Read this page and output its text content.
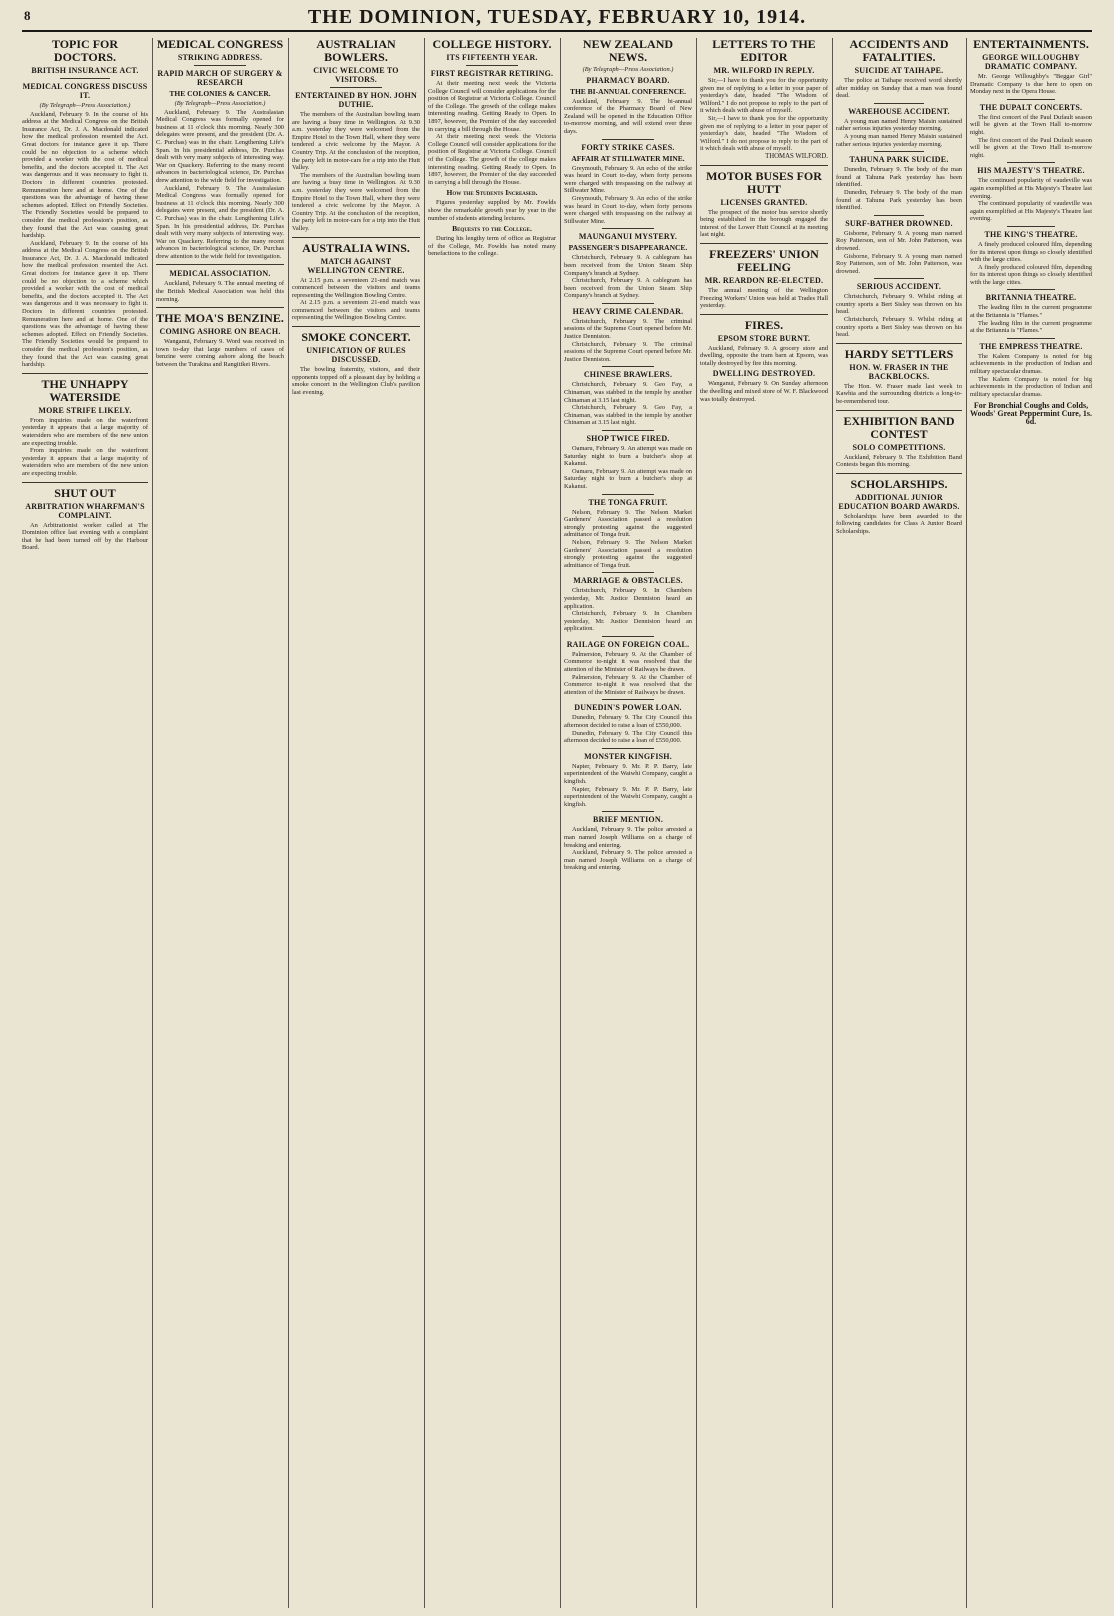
8	THE DOMINION, TUESDAY, FEBRUARY 10, 1914.
TOPIC FOR DOCTORS.
BRITISH INSURANCE ACT.
MEDICAL CONGRESS DISCUSS IT.
(By Telegraph—Press Association.)

Auckland, February 9. In the course of his address at the Medical Congress on the British Insurance Act, Dr. J. A. Macdonald indicated how the medical profession resented the Act. Great doctors for instance gave it up. There could be no objection to a scheme which provided a worker with the cost of medical benefits, and the doctors accepted it. The Act was dangerous and it was necessary to fight it. Doctors in different countries protested. Remuneration here and at home. One of the questions was the advantage of having these schemes adopted. Effect on Friendly Societies. The Friendly Societies would be prepared to consider the medical profession's position, as they found that the Act was causing great hardship.

Auckland, February 9. In the course of his address at the Medical Congress on the British Insurance Act, Dr. J. A. Macdonald indicated how the medical profession resented the Act. Great doctors for instance gave it up. There could be no objection to a scheme which provided a worker with the cost of medical benefits, and the doctors accepted it. The Act was dangerous and it was necessary to fight it. Doctors in different countries protested. Remuneration here and at home. One of the questions was the advantage of having these schemes adopted. Effect on Friendly Societies. The Friendly Societies would be prepared to consider the medical profession's position, as they found that the Act was causing great hardship.

THE UNHAPPY WATERSIDE
MORE STRIFE LIKELY.

From inquiries made on the waterfront yesterday it appears that a large majority of watersiders who are members of the new union are expecting trouble.

From inquiries made on the waterfront yesterday it appears that a large majority of watersiders who are members of the new union are expecting trouble.

SHUT OUT
ARBITRATION WHARFMAN'S COMPLAINT.

An Arbitrationist worker called at The Dominion office last evening with a complaint that he had been turned off by the Harbour Board.

MEDICAL CONGRESS
STRIKING ADDRESS.
RAPID MARCH OF SURGERY & RESEARCH
THE COLONIES & CANCER.
(By Telegraph—Press Association.)

Auckland, February 9. The Australasian Medical Congress was formally opened for business at 11 o'clock this morning. Nearly 300 delegates were present, and the president (Dr. A. C. Purchas) was in the chair. Lengthening Life's Span. In his presidential address, Dr. Purchas dealt with very many subjects of interesting way. War on Quackery. Referring to the many recent advances in bacteriological science, Dr. Purchas drew attention to the wide field for investigation.

Auckland, February 9. The Australasian Medical Congress was formally opened for business at 11 o'clock this morning. Nearly 300 delegates were present, and the president (Dr. A. C. Purchas) was in the chair. Lengthening Life's Span. In his presidential address, Dr. Purchas dealt with very many subjects of interesting way. War on Quackery. Referring to the many recent advances in bacteriological science, Dr. Purchas drew attention to the wide field for investigation.

MEDICAL ASSOCIATION.

Auckland, February 9. The annual meeting of the British Medical Association was held this morning.

THE MOA'S BENZINE.
COMING ASHORE ON BEACH.

Wanganui, February 9. Word was received in town to-day that large numbers of cases of benzine were coming ashore along the beach between the Turakina and Rangitikei Rivers.

AUSTRALIAN BOWLERS.
CIVIC WELCOME TO VISITORS.
ENTERTAINED BY HON. JOHN DUTHIE.

The members of the Australian bowling team are having a busy time in Wellington. At 9.30 a.m. yesterday they were welcomed from the Empire Hotel to the Town Hall, where they were tendered a civic welcome by the Mayor. A Country Trip. At the conclusion of the reception, the party left in motor-cars for a trip into the Hutt Valley.

The members of the Australian bowling team are having a busy time in Wellington. At 9.30 a.m. yesterday they were welcomed from the Empire Hotel to the Town Hall, where they were tendered a civic welcome by the Mayor. A Country Trip. At the conclusion of the reception, the party left in motor-cars for a trip into the Hutt Valley.

AUSTRALIA WINS.
MATCH AGAINST WELLINGTON CENTRE.

At 2.15 p.m. a seventeen 21-end match was commenced between the visitors and teams representing the Wellington Bowling Centre.

At 2.15 p.m. a seventeen 21-end match was commenced between the visitors and teams representing the Wellington Bowling Centre.

SMOKE CONCERT.
UNIFICATION OF RULES DISCUSSED.

The bowling fraternity, visitors, and their opponents topped off a pleasant day by holding a smoke concert in the Wellington Club's pavilion last evening.

COLLEGE HISTORY.
ITS FIFTEENTH YEAR.
FIRST REGISTRAR RETIRING.

At their meeting next week the Victoria College Council will consider applications for the position of Registrar at Victoria College. Council of the College. The growth of the college makes interesting reading. Getting Ready to Open. In 1897, however, the Premier of the day succeeded in carrying a bill through the House.

At their meeting next week the Victoria College Council will consider applications for the position of Registrar at Victoria College. Council of the College. The growth of the college makes interesting reading. Getting Ready to Open. In 1897, however, the Premier of the day succeeded in carrying a bill through the House.

How the Students Increased.

Figures yesterday supplied by Mr. Fowlds show the remarkable growth year by year in the number of students attending lectures.

Bequests to the College.

During his lengthy term of office as Registrar of the College, Mr. Fowlds has noted many benefactions to the college.

NEW ZEALAND NEWS.
(By Telegraph—Press Association.)
PHARMACY BOARD.
THE BI-ANNUAL CONFERENCE.

Auckland, February 9. The bi-annual conference of the Pharmacy Board of New Zealand will be opened in the Education Office to-morrow morning, and will extend over three days.

FORTY STRIKE CASES.
AFFAIR AT STILLWATER MINE.

Greymouth, February 9. An echo of the strike was heard in Court to-day, when forty persons were charged with trespassing on the railway at Stillwater Mine.

Greymouth, February 9. An echo of the strike was heard in Court to-day, when forty persons were charged with trespassing on the railway at Stillwater Mine.

MAUNGANUI MYSTERY.
PASSENGER'S DISAPPEARANCE.

Christchurch, February 9. A cablegram has been received from the Union Steam Ship Company's branch at Sydney.

Christchurch, February 9. A cablegram has been received from the Union Steam Ship Company's branch at Sydney.

HEAVY CRIME CALENDAR.

Christchurch, February 9. The criminal sessions of the Supreme Court opened before Mr. Justice Denniston.

Christchurch, February 9. The criminal sessions of the Supreme Court opened before Mr. Justice Denniston.

CHINESE BRAWLERS.

Christchurch, February 9. Geo Fay, a Chinaman, was stabbed in the temple by another Chinaman at 3.15 last night.

Christchurch, February 9. Geo Fay, a Chinaman, was stabbed in the temple by another Chinaman at 3.15 last night.

SHOP TWICE FIRED.

Oamaru, February 9. An attempt was made on Saturday night to burn a butcher's shop at Kakanui.

Oamaru, February 9. An attempt was made on Saturday night to burn a butcher's shop at Kakanui.

THE TONGA FRUIT.

Nelson, February 9. The Nelson Market Gardeners' Association passed a resolution strongly protesting against the suggested admittance of Tonga fruit.

Nelson, February 9. The Nelson Market Gardeners' Association passed a resolution strongly protesting against the suggested admittance of Tonga fruit.

MARRIAGE & OBSTACLES.

Christchurch, February 9. In Chambers yesterday, Mr. Justice Denniston heard an application.

Christchurch, February 9. In Chambers yesterday, Mr. Justice Denniston heard an application.

RAILAGE ON FOREIGN COAL.

Palmerston, February 9. At the Chamber of Commerce to-night it was resolved that the attention of the Minister of Railways be drawn.

Palmerston, February 9. At the Chamber of Commerce to-night it was resolved that the attention of the Minister of Railways be drawn.

DUNEDIN'S POWER LOAN.

Dunedin, February 9. The City Council this afternoon decided to raise a loan of £550,000.

Dunedin, February 9. The City Council this afternoon decided to raise a loan of £550,000.

MONSTER KINGFISH.

Napier, February 9. Mr. P. P. Barry, late superintendent of the Waiwhi Company, caught a kingfish.

Napier, February 9. Mr. P. P. Barry, late superintendent of the Waiwhi Company, caught a kingfish.

BRIEF MENTION.

Auckland, February 9. The police arrested a man named Joseph Williams on a charge of breaking and entering.

Auckland, February 9. The police arrested a man named Joseph Williams on a charge of breaking and entering.

LETTERS TO THE EDITOR
MR. WILFORD IN REPLY.

Sir,—I have to thank you for the opportunity given me of replying to a letter in your paper of yesterday's date, headed "The Wisdom of Wilford." I do not propose to reply to the part of it which deals with abuse of myself.

Sir,—I have to thank you for the opportunity given me of replying to a letter in your paper of yesterday's date, headed "The Wisdom of Wilford." I do not propose to reply to the part of it which deals with abuse of myself.

THOMAS WILFORD.
MOTOR BUSES FOR HUTT
LICENSES GRANTED.

The prospect of the motor bus service shortly being established in the borough engaged the interest of the Lower Hutt Council at its meeting last night.

FREEZERS' UNION FEELING
MR. REARDON RE-ELECTED.

The annual meeting of the Wellington Freezing Workers' Union was held at Trades Hall yesterday.

FIRES.
EPSOM STORE BURNT.

Auckland, February 9. A grocery store and dwelling, opposite the tram barn at Epsom, was totally destroyed by fire this morning.

DWELLING DESTROYED.

Wanganui, February 9. On Sunday afternoon the dwelling and mixed store of W. F. Blackwood was totally destroyed.

ACCIDENTS AND FATALITIES.
SUICIDE AT TAIHAPE.

The police at Taihape received word shortly after midday on Sunday that a man was found dead.

WAREHOUSE ACCIDENT.

A young man named Henry Maisin sustained rather serious injuries yesterday morning.

A young man named Henry Maisin sustained rather serious injuries yesterday morning.

TAHUNA PARK SUICIDE.

Dunedin, February 9. The body of the man found at Tahuna Park yesterday has been identified.

Dunedin, February 9. The body of the man found at Tahuna Park yesterday has been identified.

SURF-BATHER DROWNED.

Gisborne, February 9. A young man named Roy Patterson, son of Mr. John Patterson, was drowned.

Gisborne, February 9. A young man named Roy Patterson, son of Mr. John Patterson, was drowned.

SERIOUS ACCIDENT.

Christchurch, February 9. Whilst riding at country sports a Bert Sisley was thrown on his head.

Christchurch, February 9. Whilst riding at country sports a Bert Sisley was thrown on his head.

HARDY SETTLERS
HON. W. FRASER IN THE BACKBLOCKS.

The Hon. W. Fraser made last week to Kawhia and the surrounding districts a long-to-be-remembered tour.

EXHIBITION BAND CONTEST
SOLO COMPETITIONS.

Auckland, February 9. The Exhibition Band Contests began this morning.

SCHOLARSHIPS.
ADDITIONAL JUNIOR EDUCATION BOARD AWARDS.

Scholarships have been awarded to the following candidates for Class A Junior Board Scholarships.

ENTERTAINMENTS.
GEORGE WILLOUGHBY DRAMATIC COMPANY.

Mr. George Willoughby's "Beggar Girl" Dramatic Company is due here to open on Monday next in the Opera House.

THE DUPALT CONCERTS.

The first concert of the Paul Dufault season will be given at the Town Hall to-morrow night.

The first concert of the Paul Dufault season will be given at the Town Hall to-morrow night.

HIS MAJESTY'S THEATRE.

The continued popularity of vaudeville was again exemplified at His Majesty's Theatre last evening.

The continued popularity of vaudeville was again exemplified at His Majesty's Theatre last evening.

THE KING'S THEATRE.

A finely produced coloured film, depending for its interest upon things so closely identified with the large cities.

A finely produced coloured film, depending for its interest upon things so closely identified with the large cities.

BRITANNIA THEATRE.

The leading film in the current programme at the Britannia is "Flames."

The leading film in the current programme at the Britannia is "Flames."

THE EMPRESS THEATRE.

The Kalem Company is noted for big achievements in the production of Indian and military spectacular dramas.

The Kalem Company is noted for big achievements in the production of Indian and military spectacular dramas.

For Bronchial Coughs and Colds, Woods' Great Peppermint Cure, 1s. 6d.
